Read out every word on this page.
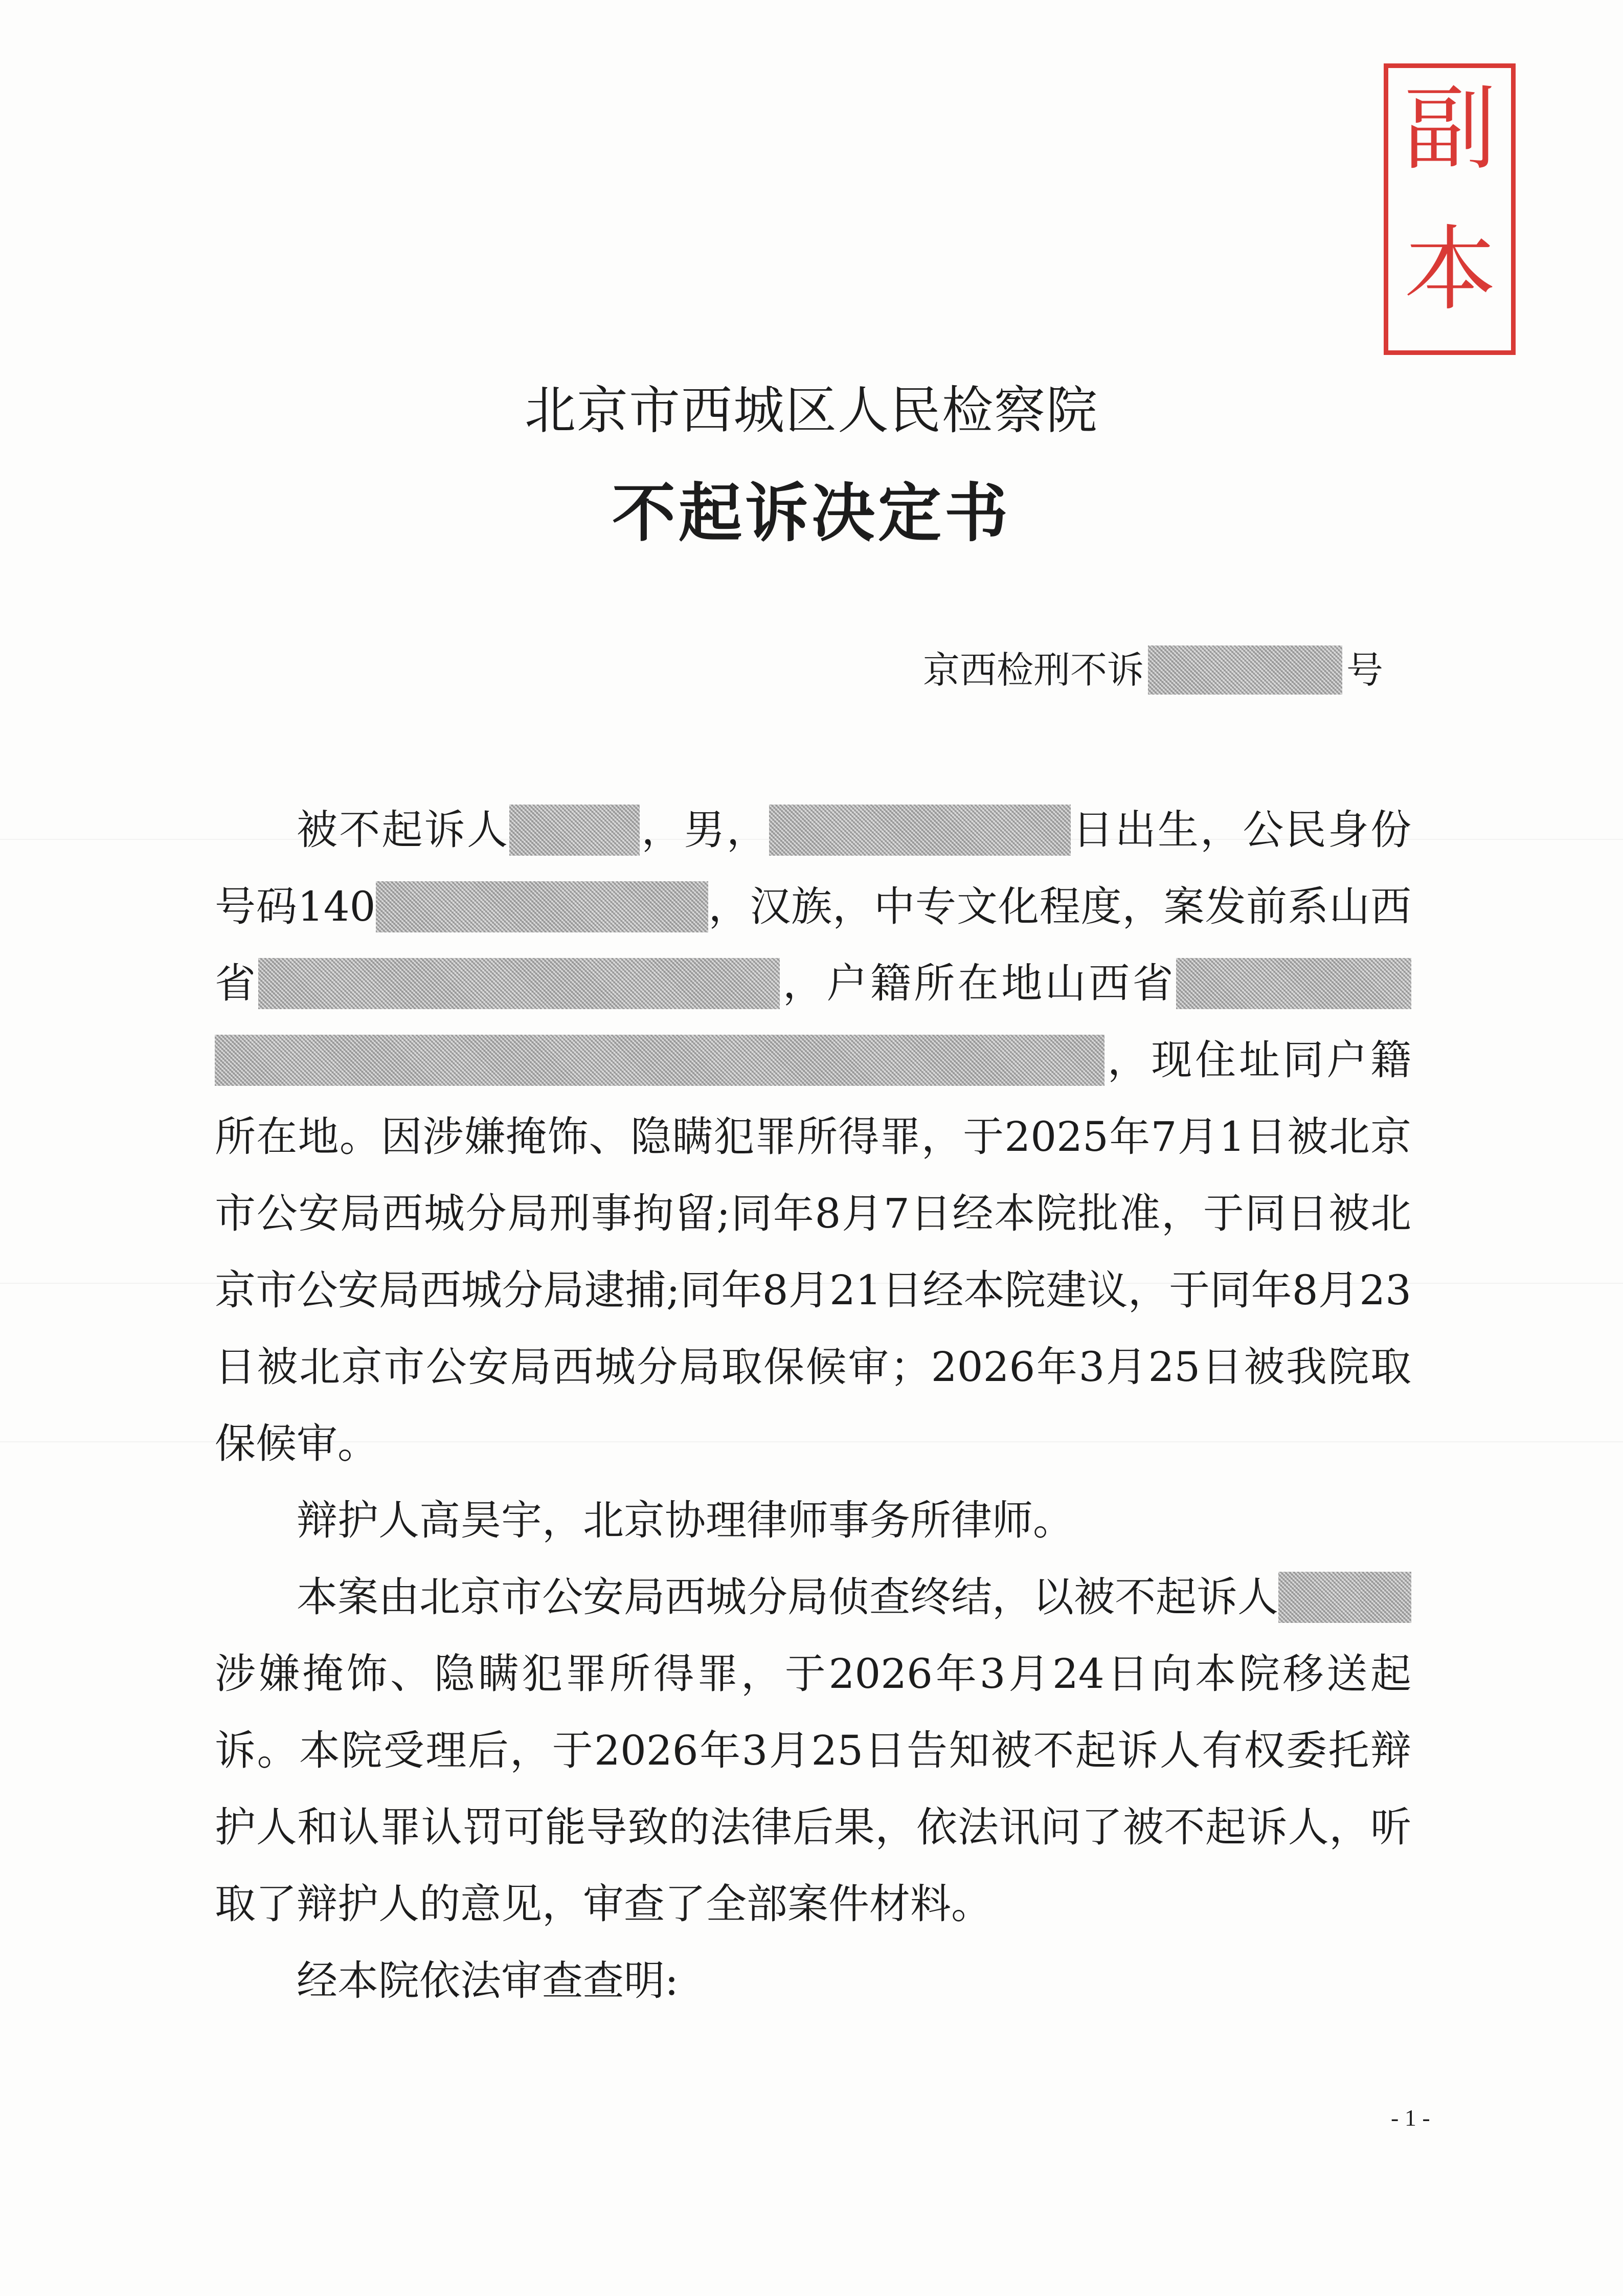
副
本
北京市西城区人民检察院
不起诉决定书
京西检刑不诉	号

被不起诉人	，男，	日出生，公民身份号码140	，汉族，中专文化程度，案发前系山西省	，户籍所在地山西省，现住址同户籍所在地。因涉嫌掩饰、隐瞒犯罪所得罪，于2025年7月1日被北京市公安局西城分局刑事拘留;同年8月7日经本院批准，于同日被北京市公安局西城分局逮捕;同年8月21日经本院建议，于同年8月23日被北京市公安局西城分局取保候审；2026年3月25日被我院取保候审。

辩护人高昊宇，北京协理律师事务所律师。

本案由北京市公安局西城分局侦查终结，以被不起诉人涉嫌掩饰、隐瞒犯罪所得罪，于2026年3月24日向本院移送起诉。本院受理后，于2026年3月25日告知被不起诉人有权委托辩护人和认罪认罚可能导致的法律后果，依法讯问了被不起诉人，听取了辩护人的意见，审查了全部案件材料。

经本院依法审查查明:

- 1 -
